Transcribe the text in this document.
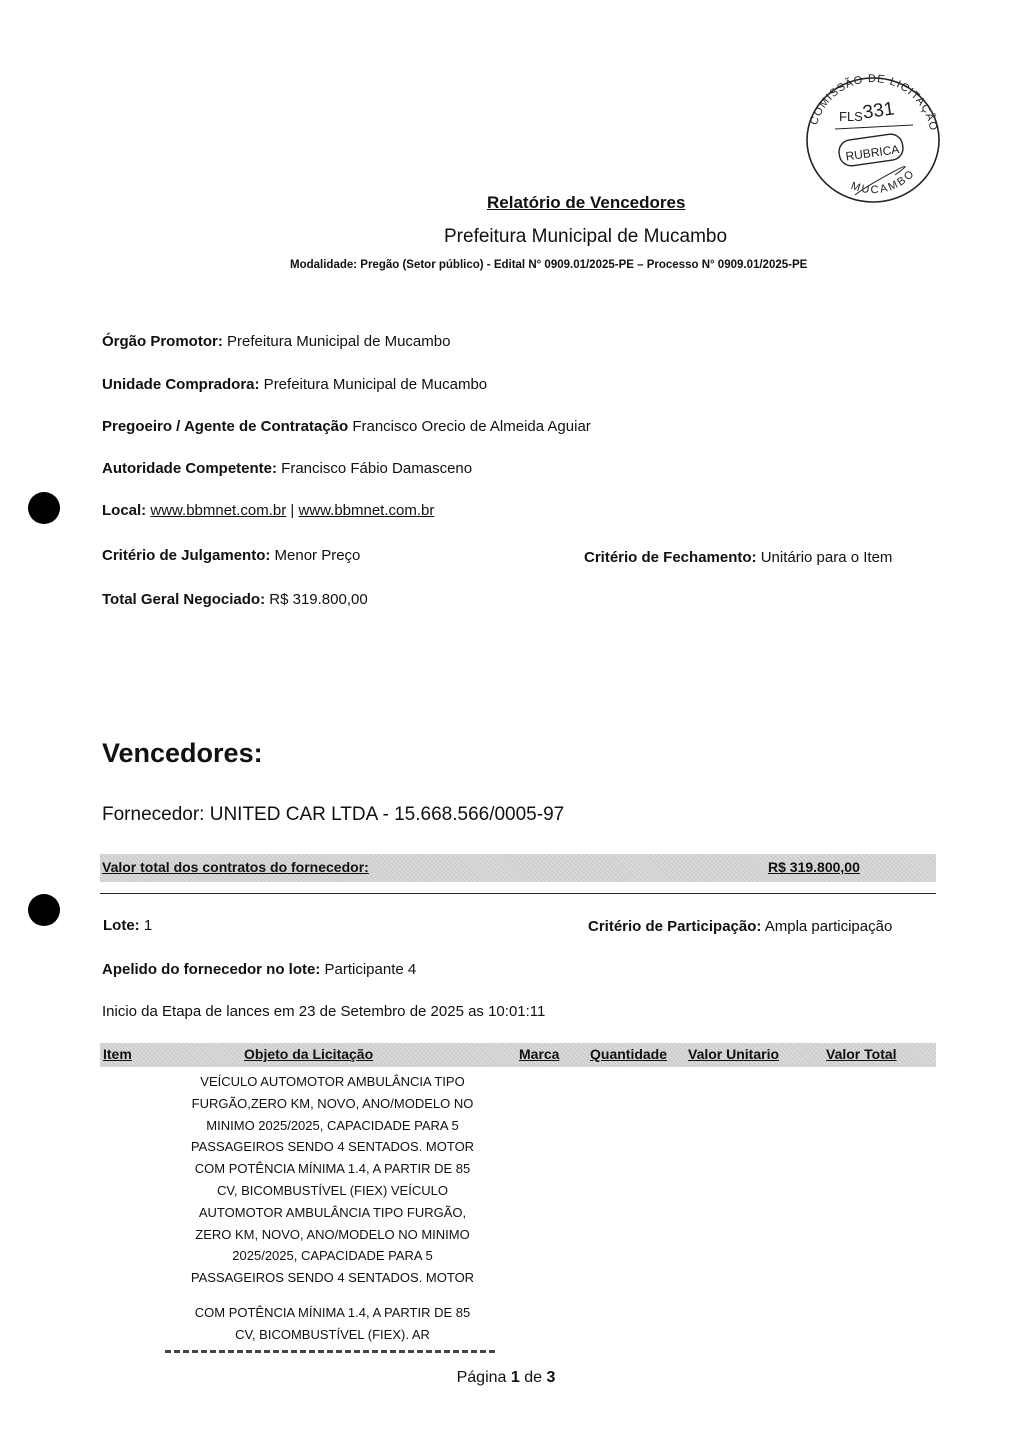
COMISSÃO DE LICITAÇÃO
MUCAMBO
FLS
331
RUBRICA
Relatório de Vencedores
Prefeitura Municipal de Mucambo
Modalidade: Pregão (Setor público) - Edital N° 0909.01/2025-PE – Processo N° 0909.01/2025-PE
Órgão Promotor: Prefeitura Municipal de Mucambo
Unidade Compradora: Prefeitura Municipal de Mucambo
Pregoeiro / Agente de Contratação Francisco Orecio de Almeida Aguiar
Autoridade Competente: Francisco Fábio Damasceno
Local: www.bbmnet.com.br | www.bbmnet.com.br
Critério de Julgamento: Menor Preço	Critério de Fechamento: Unitário para o Item
Total Geral Negociado: R$ 319.800,00
Vencedores:
Fornecedor: UNITED CAR LTDA - 15.668.566/0005-97
Valor total dos contratos do fornecedor:	R$ 319.800,00
Lote: 1	Critério de Participação: Ampla participação
Apelido do fornecedor no lote: Participante 4
Inicio da Etapa de lances em 23 de Setembro de 2025 as 10:01:11
Item	Objeto da Licitação	Marca Quantidade Valor Unitario	Valor Total
VEÍCULO AUTOMOTOR AMBULÂNCIA TIPO
FURGÃO,ZERO KM, NOVO, ANO/MODELO NO
MINIMO 2025/2025, CAPACIDADE PARA 5
PASSAGEIROS SENDO 4 SENTADOS. MOTOR
COM POTÊNCIA MÍNIMA 1.4, A PARTIR DE 85
CV, BICOMBUSTÍVEL (FIEX) VEÍCULO
AUTOMOTOR AMBULÂNCIA TIPO FURGÃO,
ZERO KM, NOVO, ANO/MODELO NO MINIMO
2025/2025, CAPACIDADE PARA 5
PASSAGEIROS SENDO 4 SENTADOS. MOTOR
COM POTÊNCIA MÍNIMA 1.4, A PARTIR DE 85
CV, BICOMBUSTÍVEL (FIEX). AR
Página 1 de 3
